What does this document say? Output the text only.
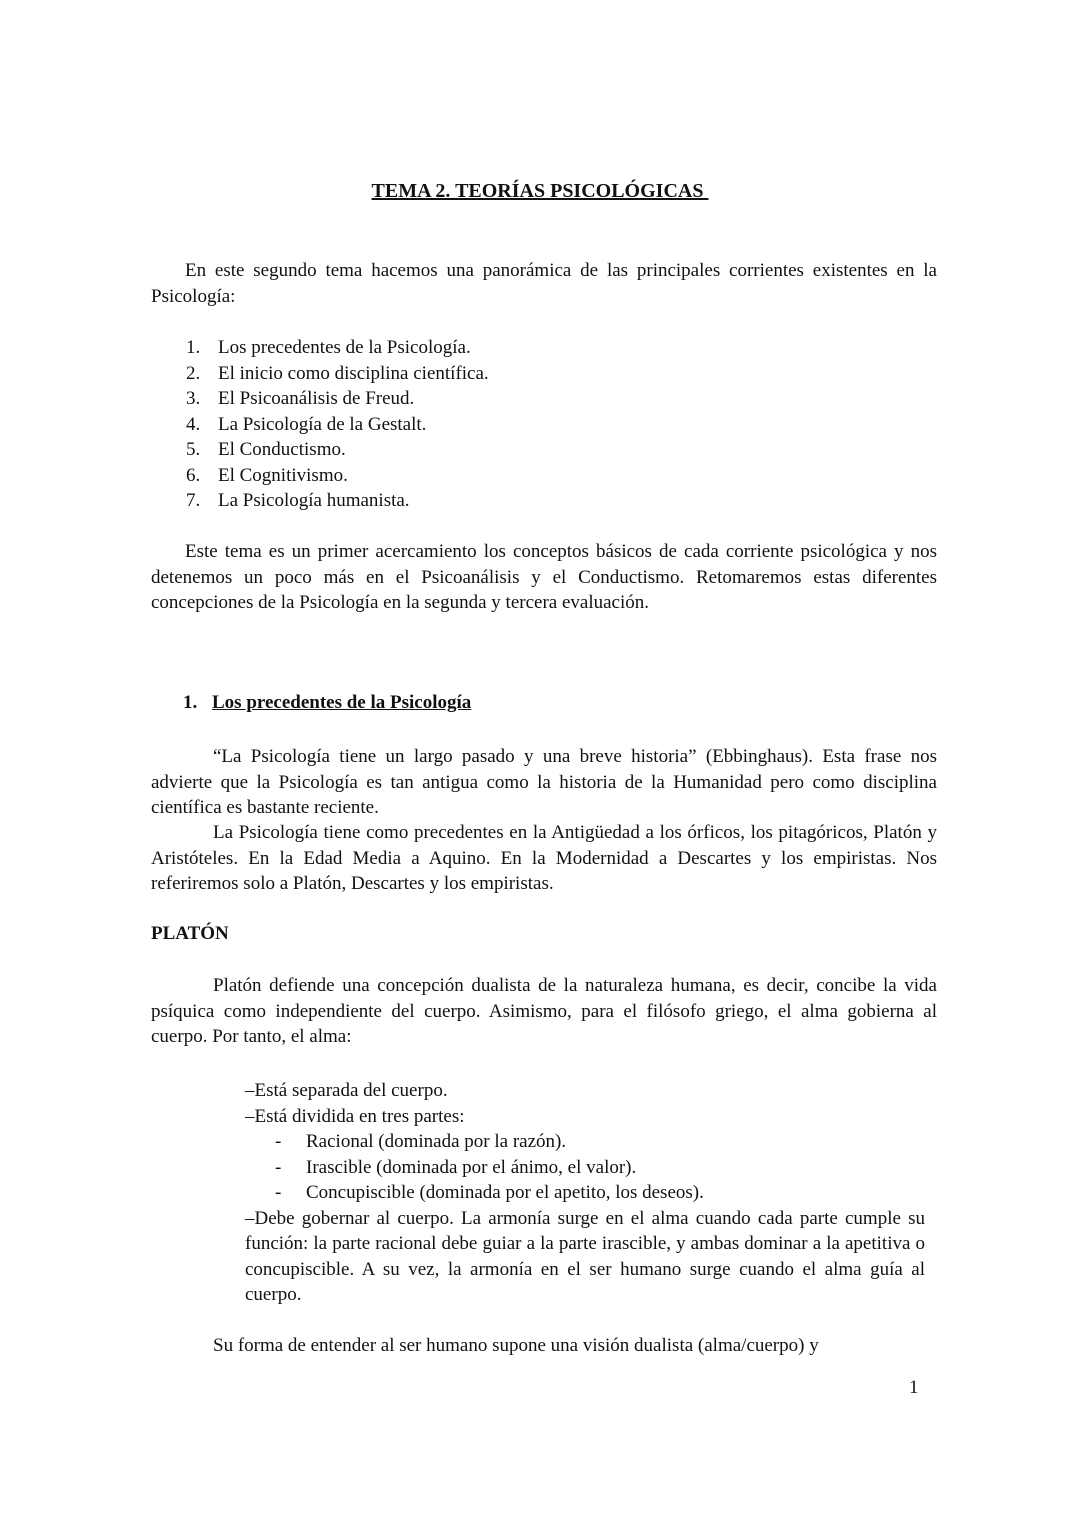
TEMA 2. TEORÍAS PSICOLÓGICAS

En este segundo tema hacemos una panorámica de las principales corrientes existentes en la Psicología:

1. Los precedentes de la Psicología.
2. El inicio como disciplina científica.
3. El Psicoanálisis de Freud.
4. La Psicología de la Gestalt.
5. El Conductismo.
6. El Cognitivismo.
7. La Psicología humanista.

Este tema es un primer acercamiento los conceptos básicos de cada corriente psicológica y nos detenemos un poco más en el Psicoanálisis y el Conductismo. Retomaremos estas diferentes concepciones de la Psicología en la segunda y tercera evaluación.

1. Los precedentes de la Psicología

“La Psicología tiene un largo pasado y una breve historia” (Ebbinghaus). Esta frase nos advierte que la Psicología es tan antigua como la historia de la Humanidad pero como disciplina científica es bastante reciente.

La Psicología tiene como precedentes en la Antigüedad a los órficos, los pitagóricos, Platón y Aristóteles. En la Edad Media a Aquino. En la Modernidad a Descartes y los empiristas. Nos referiremos solo a Platón, Descartes y los empiristas.

PLATÓN

Platón defiende una concepción dualista de la naturaleza humana, es decir, concibe la vida psíquica como independiente del cuerpo. Asimismo, para el filósofo griego, el alma gobierna al cuerpo. Por tanto, el alma:

–Está separada del cuerpo.
–Está dividida en tres partes:
- Racional (dominada por la razón).
- Irascible (dominada por el ánimo, el valor).
- Concupiscible (dominada por el apetito, los deseos).
–Debe gobernar al cuerpo. La armonía surge en el alma cuando cada parte cumple su función: la parte racional debe guiar a la parte irascible, y ambas dominar a la apetitiva o concupiscible. A su vez, la armonía en el ser humano surge cuando el alma guía al cuerpo.

Su forma de entender al ser humano supone una visión dualista (alma/cuerpo) y

1
